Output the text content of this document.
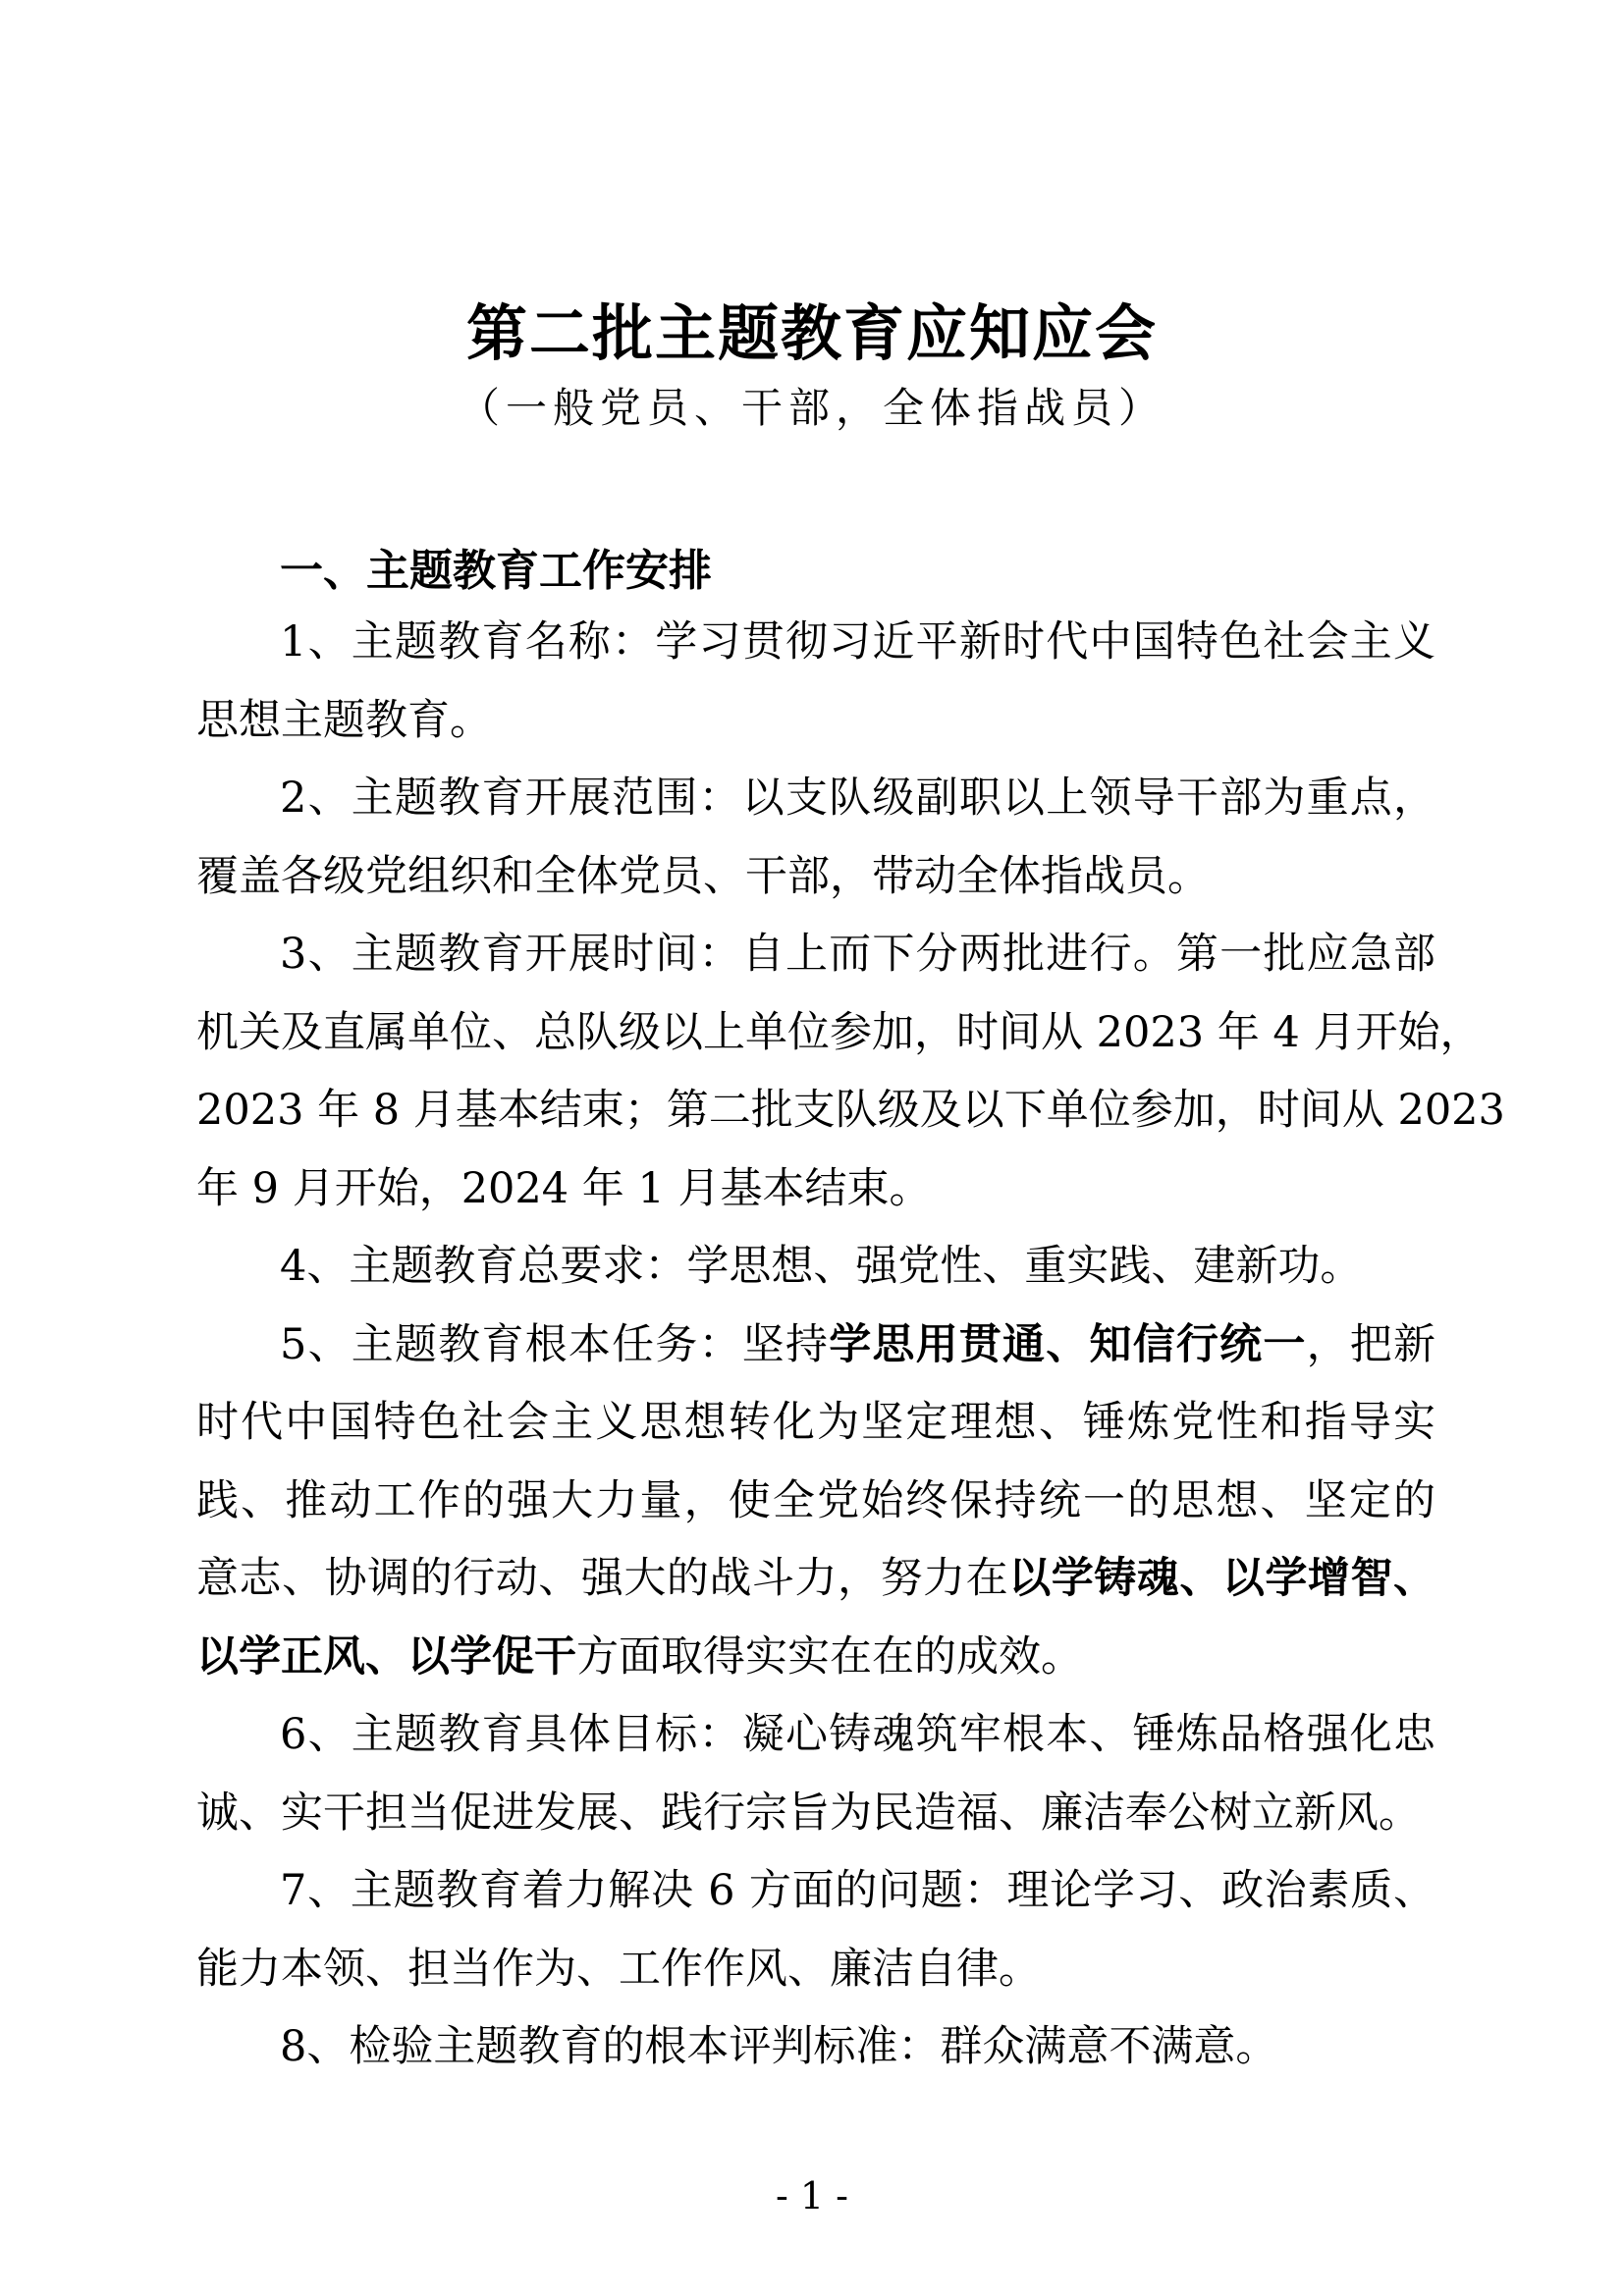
第二批主题教育应知应会
（一般党员、干部，全体指战员）
一、主题教育工作安排
1、主题教育名称：学习贯彻习近平新时代中国特色社会主义
思想主题教育。
2、主题教育开展范围：以支队级副职以上领导干部为重点，
覆盖各级党组织和全体党员、干部，带动全体指战员。
3、主题教育开展时间：自上而下分两批进行。第一批应急部
机关及直属单位、总队级以上单位参加，时间从 2023 年 4 月开始，
2023 年 8 月基本结束；第二批支队级及以下单位参加，时间从 2023
年 9 月开始，2024 年 1 月基本结束。
4、主题教育总要求：学思想、强党性、重实践、建新功。
5、主题教育根本任务：坚持学思用贯通、知信行统一，把新
时代中国特色社会主义思想转化为坚定理想、锤炼党性和指导实
践、推动工作的强大力量，使全党始终保持统一的思想、坚定的
意志、协调的行动、强大的战斗力，努力在以学铸魂、以学增智、
以学正风、以学促干方面取得实实在在的成效。
6、主题教育具体目标：凝心铸魂筑牢根本、锤炼品格强化忠
诚、实干担当促进发展、践行宗旨为民造福、廉洁奉公树立新风。
7、主题教育着力解决 6 方面的问题：理论学习、政治素质、
能力本领、担当作为、工作作风、廉洁自律。
8、检验主题教育的根本评判标准：群众满意不满意。
- 1 -
